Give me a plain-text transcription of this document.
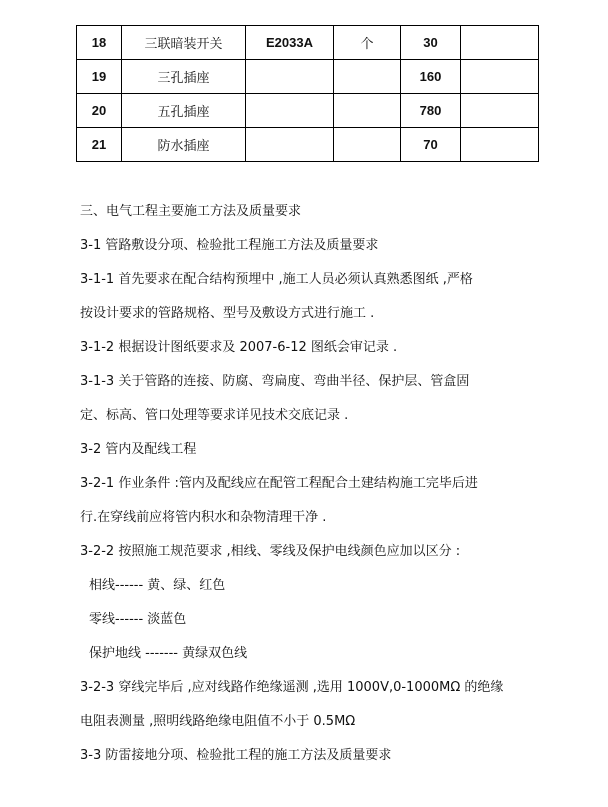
18	三联暗装开关	E2033A	个	30	
19	三孔插座			160	
20	五孔插座			780	
21	防水插座			70	
三、电气工程主要施工方法及质量要求
3-1 管路敷设分项、检验批工程施工方法及质量要求
3-1-1 首先要求在配合结构预埋中 ,施工人员必须认真熟悉图纸 ,严格
按设计要求的管路规格、型号及敷设方式进行施工 .
3-1-2 根据设计图纸要求及 2007-6-12 图纸会审记录 .
3-1-3 关于管路的连接、防腐、弯扁度、弯曲半径、保护层、管盒固
定、标高、管口处理等要求详见技术交底记录 .
3-2 管内及配线工程
3-2-1 作业条件 :管内及配线应在配管工程配合土建结构施工完毕后进
行.在穿线前应将管内积水和杂物清理干净 .
3-2-2 按照施工规范要求 ,相线、零线及保护电线颜色应加以区分 :
相线------ 黄、绿、红色
零线------ 淡蓝色
保护地线 ------- 黄绿双色线
3-2-3 穿线完毕后 ,应对线路作绝缘遥测 ,选用 1000V,0-1000MΩ 的绝缘
电阻表测量 ,照明线路绝缘电阻值不小于 0.5MΩ
3-3 防雷接地分项、检验批工程的施工方法及质量要求
